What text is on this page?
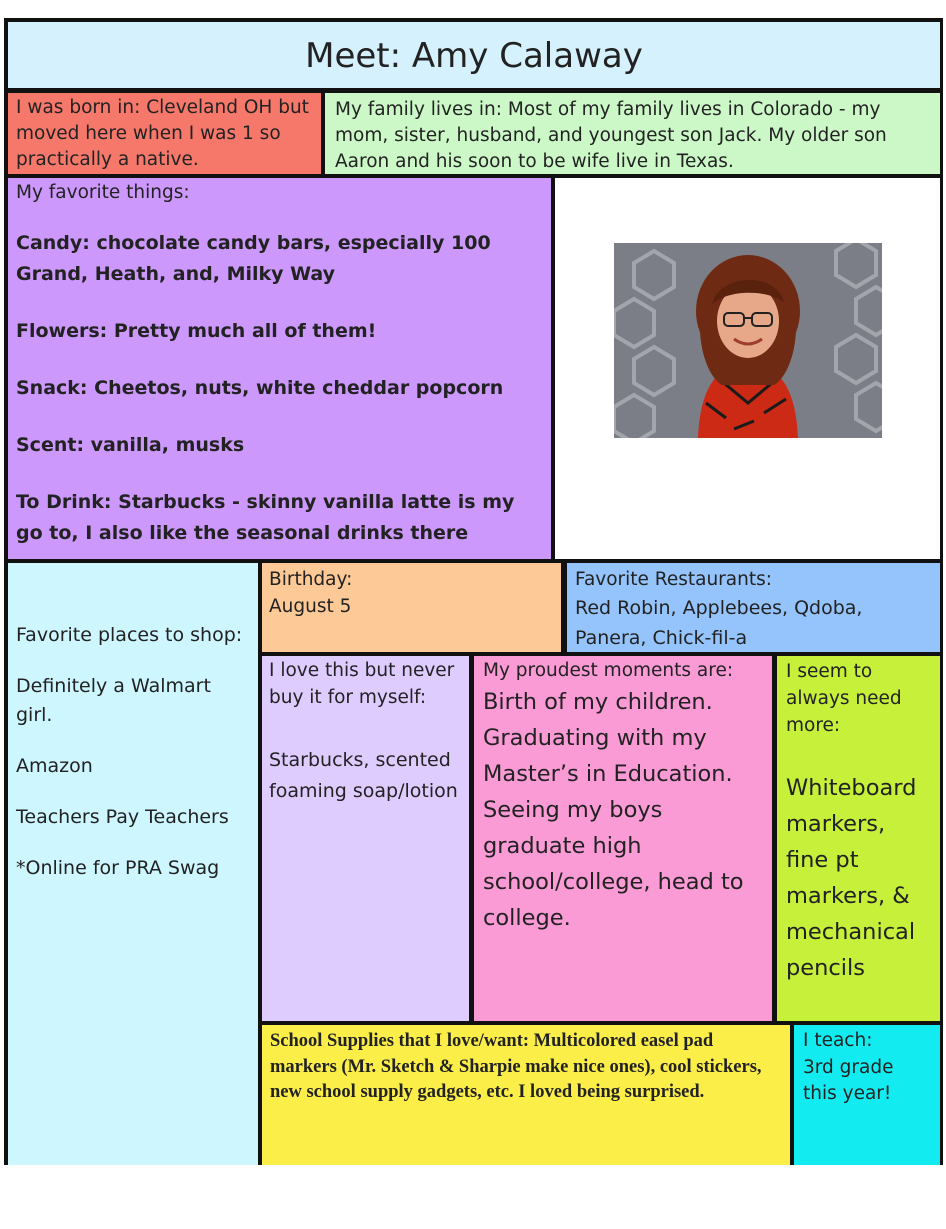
Meet: Amy Calaway
I was born in: Cleveland OH but moved here when I was 1 so practically a native.
My family lives in: Most of my family lives in Colorado - my mom, sister, husband, and youngest son Jack. My older son Aaron and his soon to be wife live in Texas.
My favorite things:
Candy: chocolate candy bars, especially 100 Grand, Heath, and, Milky Way
Flowers: Pretty much all of them!
Snack: Cheetos, nuts, white cheddar popcorn
Scent: vanilla, musks
To Drink: Starbucks - skinny vanilla latte is my go to, I also like the seasonal drinks there
Favorite places to shop:
Definitely a Walmart girl.
Amazon
Teachers Pay Teachers
*Online for PRA Swag
Birthday:
August 5
Favorite Restaurants:
Red Robin, Applebees, Qdoba, Panera, Chick-fil-a
I love this but never buy it for myself:
Starbucks, scented foaming soap/lotion
My proudest moments are:
Birth of my children. Graduating with my Master’s in Education. Seeing my boys graduate high school/college, head to college.
I seem to always need more:
Whiteboard markers, fine pt markers, & mechanical pencils
School Supplies that I love/want: Multicolored easel pad markers (Mr. Sketch & Sharpie make nice ones), cool stickers, new school supply gadgets, etc. I loved being surprised.
I teach:
3rd grade this year!
